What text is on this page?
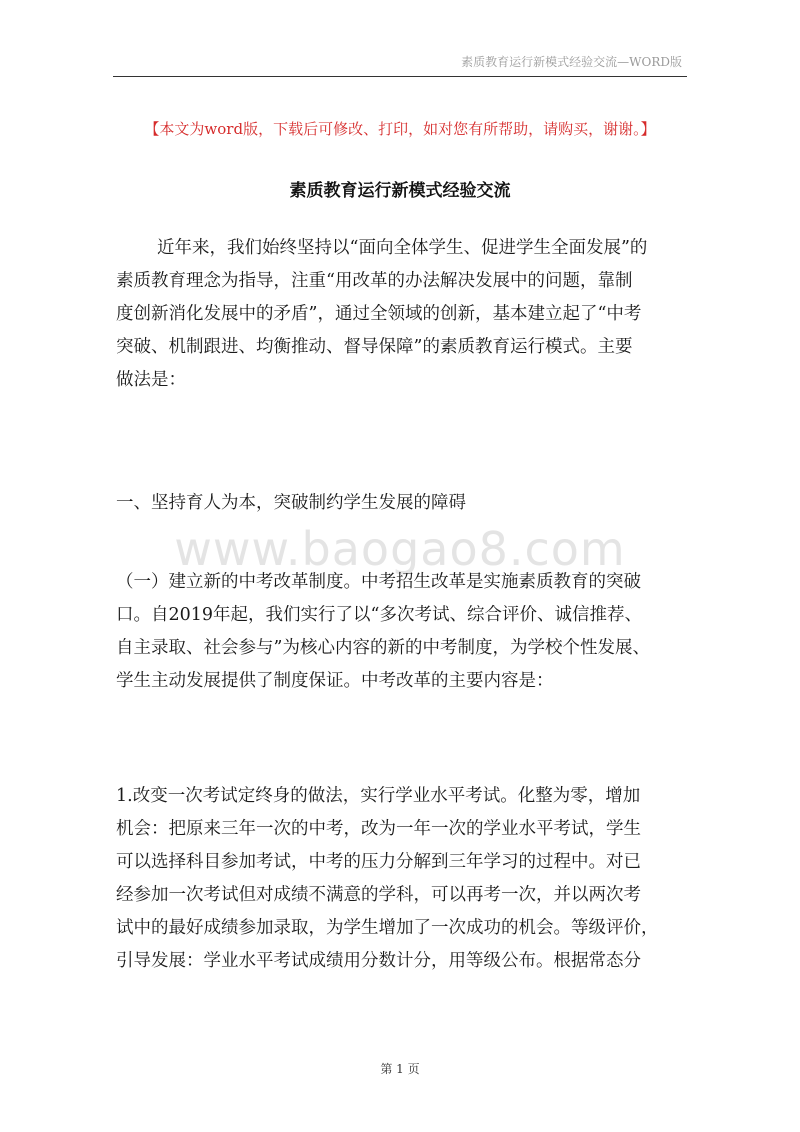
素质教育运行新模式经验交流—WORD版
【本文为word版，下载后可修改、打印，如对您有所帮助，请购买，谢谢。】
素质教育运行新模式经验交流
近年来，我们始终坚持以“面向全体学生、促进学生全面发展”的
素质教育理念为指导，注重“用改革的办法解决发展中的问题，靠制
度创新消化发展中的矛盾”，通过全领域的创新，基本建立起了“中考
突破、机制跟进、均衡推动、督导保障”的素质教育运行模式。主要
做法是：
一、坚持育人为本，突破制约学生发展的障碍
www.baogao8.com
（一）建立新的中考改革制度。中考招生改革是实施素质教育的突破
口。自2019年起，我们实行了以“多次考试、综合评价、诚信推荐、
自主录取、社会参与”为核心内容的新的中考制度，为学校个性发展、
学生主动发展提供了制度保证。中考改革的主要内容是：
1.改变一次考试定终身的做法，实行学业水平考试。化整为零，增加
机会：把原来三年一次的中考，改为一年一次的学业水平考试，学生
可以选择科目参加考试，中考的压力分解到三年学习的过程中。对已
经参加一次考试但对成绩不满意的学科，可以再考一次，并以两次考
试中的最好成绩参加录取，为学生增加了一次成功的机会。等级评价，
引导发展：学业水平考试成绩用分数计分，用等级公布。根据常态分
第 1 页
